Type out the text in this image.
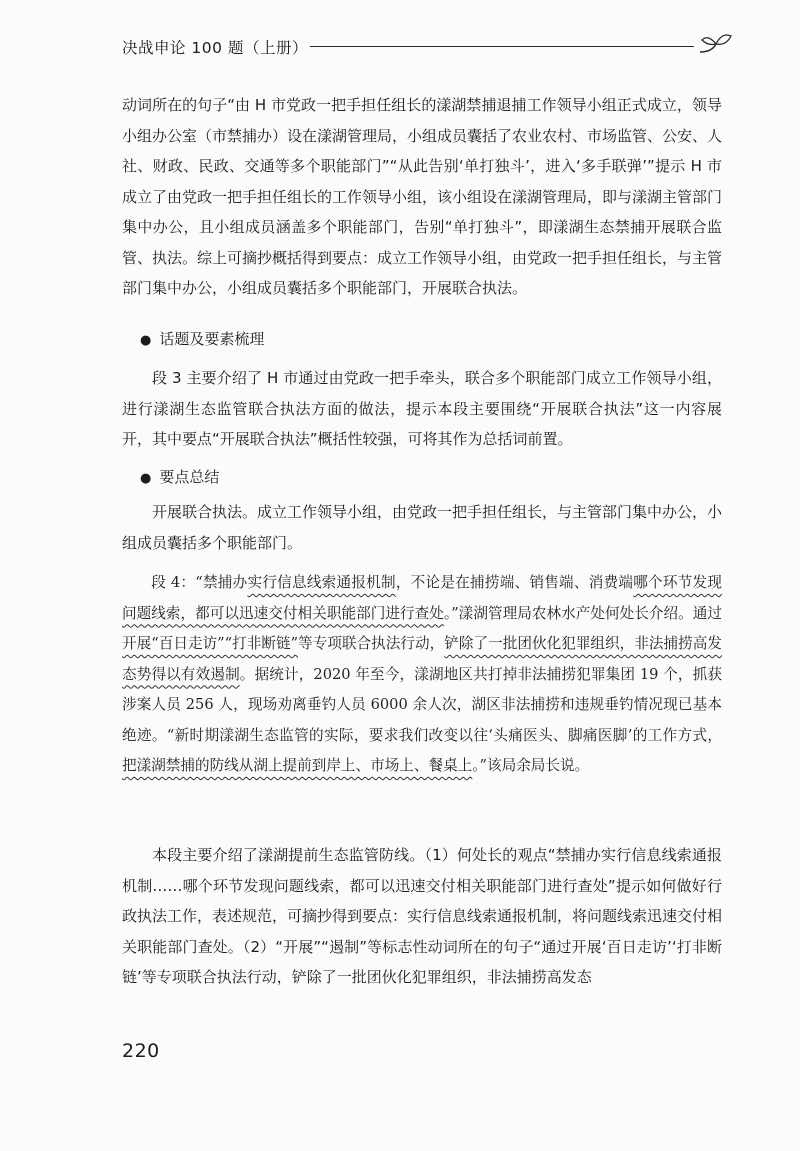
决战申论 100 题（上册）

动词所在的句子“由 H 市党政一把手担任组长的漾湖禁捕退捕工作领导小组正式成立，领导小组办公室（市禁捕办）设在漾湖管理局，小组成员囊括了农业农村、市场监管、公安、人社、财政、民政、交通等多个职能部门”“从此告别‘单打独斗’，进入‘多手联弹’”提示 H 市成立了由党政一把手担任组长的工作领导小组，该小组设在漾湖管理局，即与漾湖主管部门集中办公，且小组成员涵盖多个职能部门，告别“单打独斗”，即漾湖生态禁捕开展联合监管、执法。综上可摘抄概括得到要点：成立工作领导小组，由党政一把手担任组长，与主管部门集中办公，小组成员囊括多个职能部门，开展联合执法。

● 话题及要素梳理

段 3 主要介绍了 H 市通过由党政一把手牵头，联合多个职能部门成立工作领导小组，进行漾湖生态监管联合执法方面的做法，提示本段主要围绕“开展联合执法”这一内容展开，其中要点“开展联合执法”概括性较强，可将其作为总括词前置。

● 要点总结

开展联合执法。成立工作领导小组，由党政一把手担任组长，与主管部门集中办公，小组成员囊括多个职能部门。

段 4：“禁捕办实行信息线索通报机制，不论是在捕捞端、销售端、消费端哪个环节发现问题线索，都可以迅速交付相关职能部门进行查处。”漾湖管理局农林水产处何处长介绍。通过开展“百日走访”“打非断链”等专项联合执法行动，铲除了一批团伙化犯罪组织，非法捕捞高发态势得以有效遏制。据统计，2020 年至今，漾湖地区共打掉非法捕捞犯罪集团 19 个，抓获涉案人员 256 人，现场劝离垂钓人员 6000 余人次，湖区非法捕捞和违规垂钓情况现已基本绝迹。“新时期漾湖生态监管的实际，要求我们改变以往‘头痛医头、脚痛医脚’的工作方式，把漾湖禁捕的防线从湖上提前到岸上、市场上、餐桌上。”该局余局长说。

本段主要介绍了漾湖提前生态监管防线。（1）何处长的观点“禁捕办实行信息线索通报机制……哪个环节发现问题线索，都可以迅速交付相关职能部门进行查处”提示如何做好行政执法工作，表述规范，可摘抄得到要点：实行信息线索通报机制，将问题线索迅速交付相关职能部门查处。（2）“开展”“遏制”等标志性动词所在的句子“通过开展‘百日走访’‘打非断链’等专项联合执法行动，铲除了一批团伙化犯罪组织，非法捕捞高发态

220
